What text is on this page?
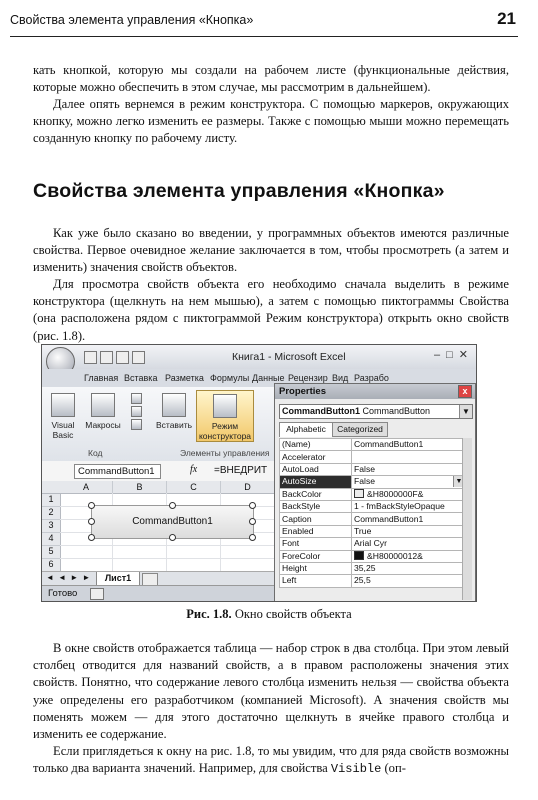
Свойства элемента управления «Кнопка»	21

кать кнопкой, которую мы создали на рабочем листе (функциональные действия, которые можно обеспечить в этом случае, мы рассмотрим в дальнейшем).

Далее опять вернемся в режим конструктора. С помощью маркеров, окружающих кнопку, можно легко изменить ее размеры. Также с помощью мыши можно перемещать созданную кнопку по рабочему листу.

Свойства элемента управления «Кнопка»

Как уже было сказано во введении, у программных объектов имеются различные свойства. Первое очевидное желание заключается в том, чтобы просмотреть (а затем и изменить) значения свойств объектов.

Для просмотра свойств объекта его необходимо сначала выделить в режиме конструктора (щелкнуть на нем мышью), а затем с помощью пиктограммы Свойства (она расположена рядом с пиктограммой Режим конструктора) открыть окно свойств (рис. 1.8).

Книга1 - Microsoft Excel	–□✕
Главная Вставка Разметка Формулы Данные Рецензир Вид Разрабо
Visual Basic
Макросы	Вставить	Режим конструктора
Код	Элементы управления
CommandButton1	fx =ВНЕДРИТ
A	B	C	D
1
2
3
4
5
6
CommandButton1
◄ ◄ ► ►	Лист1
Готово
Properties	x
CommandButton1 CommandButton	▼
Alphabetic	Categorized
(Name)	CommandButton1
Accelerator	
AutoLoad	False
AutoSize	False ▼

BackColor	&H8000000F&
BackStyle	1 - fmBackStyleOpaque
Caption	CommandButton1
Enabled	True
Font	Arial Cyr
ForeColor	&H80000012&
Height	35,25
Left	25,5
Рис. 1.8. Окно свойств объекта

В окне свойств отображается таблица — набор строк в два столбца. При этом левый столбец отводится для названий свойств, а в правом расположены значения этих свойств. Понятно, что содержание левого столбца изменить нельзя — свойства объекта уже определены его разработчиком (компанией Microsoft). А значения свойств мы поменять можем — для этого достаточно щелкнуть в ячейке правого столбца и изменить ее содержание.

Если приглядеться к окну на рис. 1.8, то мы увидим, что для ряда свойств возможны только два варианта значений. Например, для свойства Visible (оп-
